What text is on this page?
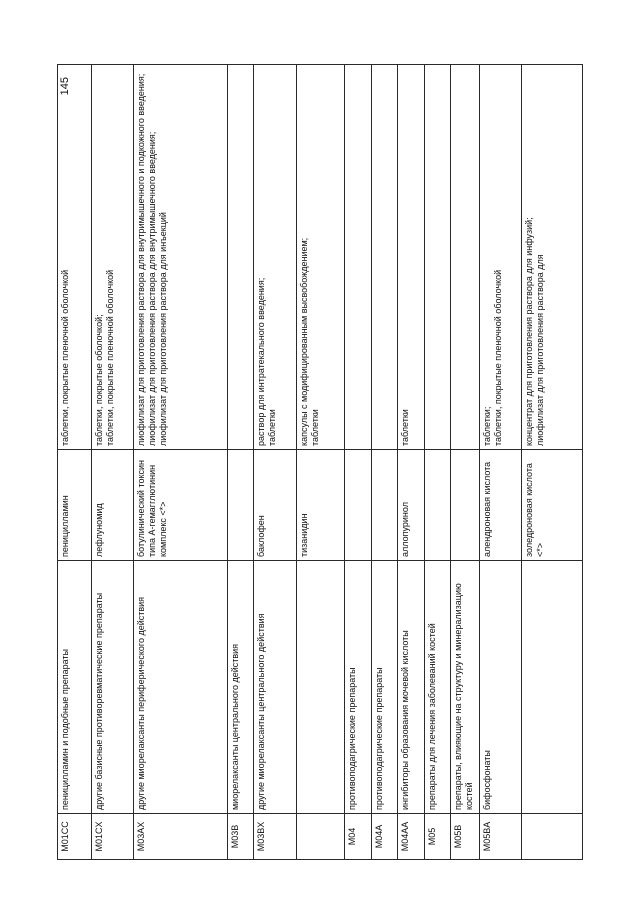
145
M01CC	пеницилламин и подобные препараты	пеницилламин	таблетки, покрытые пленочной оболочкой

M01CX	другие базисные противоревматические препараты	лефлуномид	таблетки, покрытые оболочкой; таблетки, покрытые пленочной оболочкой

M03AX	другие миорелаксанты периферического действия	ботулинический токсин типа А-гемагглютинин комплекс <*>	лиофилизат для приготовления раствора для внутримышечного и подкожного введения; лиофилизат для приготовления раствора для внутримышечного введения; лиофилизат для приготовления раствора для инъекций

M03B	миорелаксанты центрального действия		
M03BX	другие миорелаксанты центрального действия	баклофен	раствор для интратекального введения; таблетки

		тизанидин	капсулы с модифицированным высвобождением; таблетки

M04	противоподагрические препараты		
M04A	противоподагрические препараты		
M04AA	ингибиторы образования мочевой кислоты	аллопуринол	таблетки

M05	препараты для лечения заболеваний костей		
M05B	препараты, влияющие на структуру и минерализацию костей		
M05BA	бифосфонаты	алендроновая кислота	таблетки; таблетки, покрытые пленочной оболочкой

		золедроновая кислота <*>	концентрат для приготовления раствора для инфузий; лиофилизат для приготовления раствора для
